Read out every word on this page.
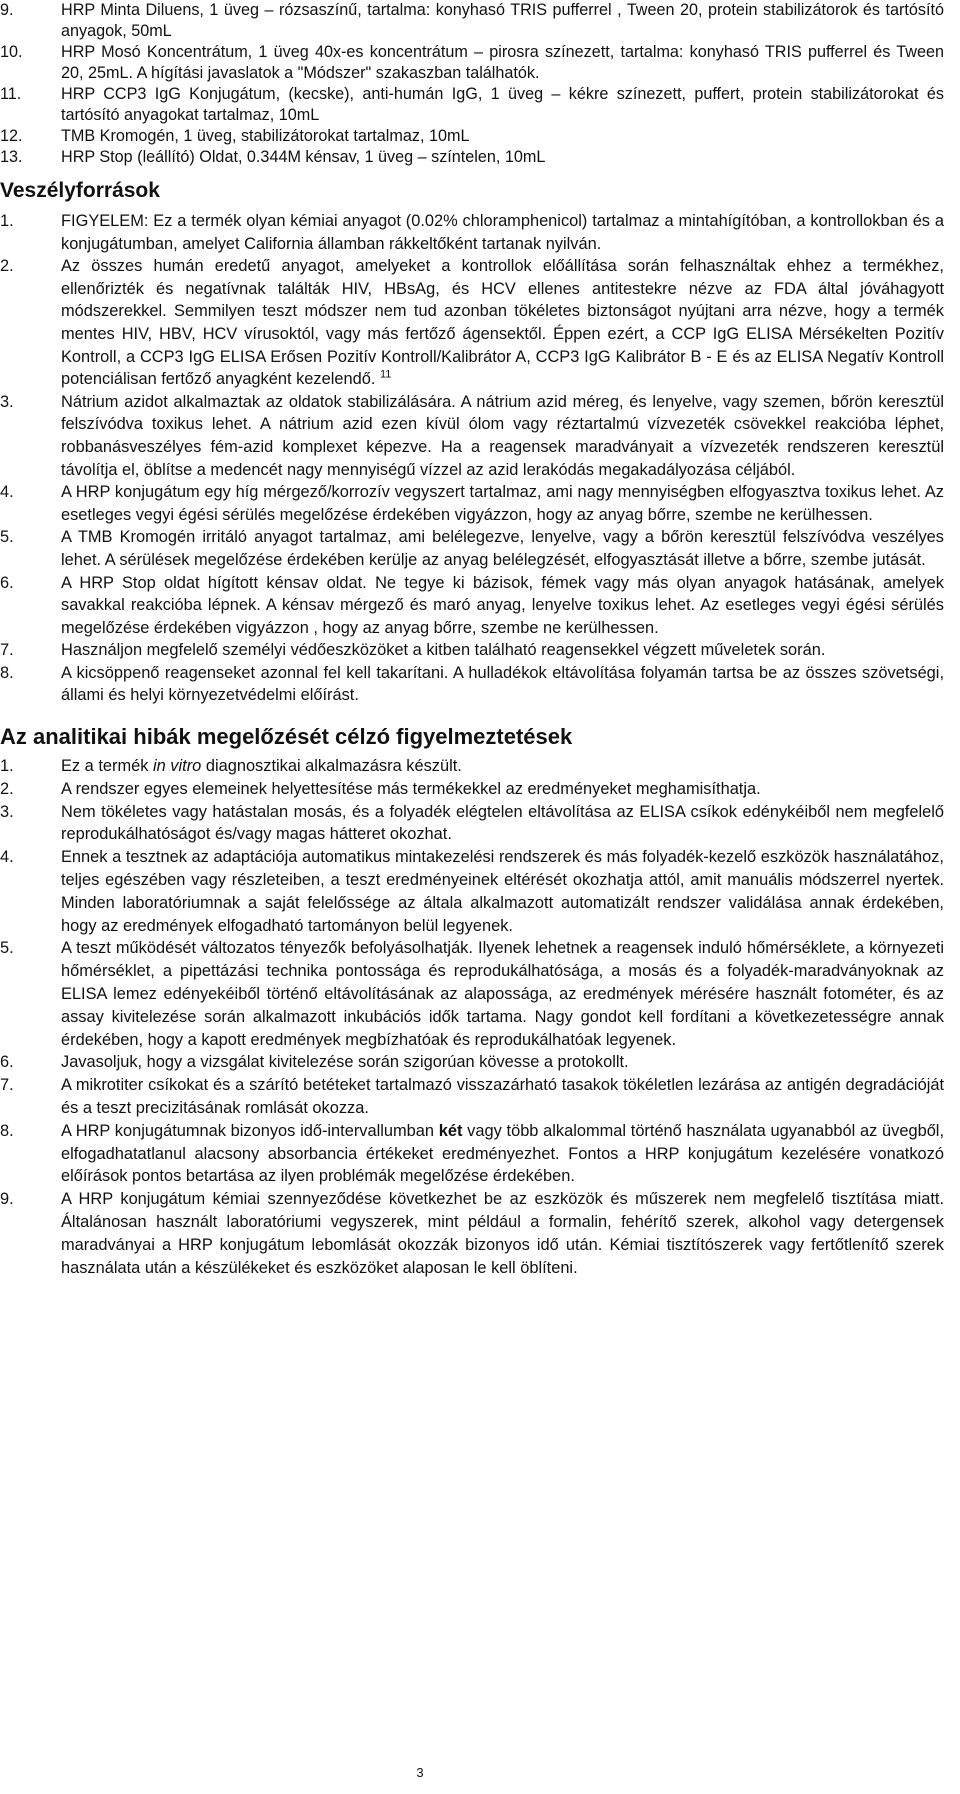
9.	HRP Minta Diluens, 1 üveg – rózsaszínű, tartalma: konyhasó TRIS pufferrel , Tween 20, protein stabilizátorok és tartósító anyagok, 50mL
10. HRP Mosó Koncentrátum, 1 üveg 40x-es koncentrátum – pirosra színezett, tartalma: konyhasó TRIS pufferrel és Tween 20, 25mL. A hígítási javaslatok a "Módszer" szakaszban találhatók.
11. HRP CCP3 IgG Konjugátum, (kecske), anti-humán IgG, 1 üveg – kékre színezett, puffert, protein stabilizátorokat és tartósító anyagokat tartalmaz, 10mL
12. TMB Kromogén, 1 üveg, stabilizátorokat tartalmaz, 10mL
13. HRP Stop (leállító) Oldat, 0.344M kénsav, 1 üveg – színtelen, 10mL
Veszélyforrások
1.	FIGYELEM: Ez a termék olyan kémiai anyagot (0.02% chloramphenicol) tartalmaz a mintahígítóban, a kontrollokban és a konjugátumban, amelyet California államban rákkeltőként tartanak nyilván.
2.	Az összes humán eredetű anyagot, amelyeket a kontrollok előállítása során felhasználtak ehhez a termékhez, ellenőrizték és negatívnak találták HIV, HBsAg, és HCV ellenes antitestekre nézve az FDA által jóváhagyott módszerekkel. Semmilyen teszt módszer nem tud azonban tökéletes biztonságot nyújtani arra nézve, hogy a termék mentes HIV, HBV, HCV vírusoktól, vagy más fertőző ágensektől. Éppen ezért, a CCP IgG ELISA Mérsékelten Pozitív Kontroll, a CCP3 IgG ELISA Erősen Pozitív Kontroll/Kalibrátor A, CCP3 IgG Kalibrátor B - E és az ELISA Negatív Kontroll potenciálisan fertőző anyagként kezelendő. $^{11}$
3.	Nátrium azidot alkalmaztak az oldatok stabilizálására. A nátrium azid méreg, és lenyelve, vagy szemen, bőrön keresztül felszívódva toxikus lehet. A nátrium azid ezen kívül ólom vagy réztartalmú vízvezeték csövekkel reakcióba léphet, robbanásveszélyes fém-azid komplexet képezve. Ha a reagensek maradványait a vízvezeték rendszeren keresztül távolítja el, öblítse a medencét nagy mennyiségű vízzel az azid lerakódás megakadályozása céljából.
4.	A HRP konjugátum egy híg mérgező/korrozív vegyszert tartalmaz, ami nagy mennyiségben elfogyasztva toxikus lehet. Az esetleges vegyi égési sérülés megelőzése érdekében vigyázzon, hogy az anyag bőrre, szembe ne kerülhessen.
5.	A TMB Kromogén irritáló anyagot tartalmaz, ami belélegezve, lenyelve, vagy a bőrön keresztül felszívódva veszélyes lehet. A sérülések megelőzése érdekében kerülje az anyag belélegzését, elfogyasztását illetve a bőrre, szembe jutását.
6.	A HRP Stop oldat hígított kénsav oldat. Ne tegye ki bázisok, fémek vagy más olyan anyagok hatásának, amelyek savakkal reakcióba lépnek. A kénsav mérgező és maró anyag, lenyelve toxikus lehet. Az esetleges vegyi égési sérülés megelőzése érdekében vigyázzon , hogy az anyag bőrre, szembe ne kerülhessen.
7.	Használjon megfelelő személyi védőeszközöket a kitben található reagensekkel végzett műveletek során.
8.	A kicsöppenő reagenseket azonnal fel kell takarítani. A hulladékok eltávolítása folyamán tartsa be az összes szövetségi, állami és helyi környezetvédelmi előírást.
Az analitikai hibák megelőzését célzó figyelmeztetések
1.	Ez a termék in vitro diagnosztikai alkalmazásra készült.
2.	A rendszer egyes elemeinek helyettesítése más termékekkel az eredményeket meghamisíthatja.
3.	Nem tökéletes vagy hatástalan mosás, és a folyadék elégtelen eltávolítása az ELISA csíkok edénykéiből nem megfelelő reprodukálhatóságot és/vagy magas hátteret okozhat.
4.	Ennek a tesztnek az adaptációja automatikus mintakezelési rendszerek és más folyadék-kezelő eszközök használatához, teljes egészében vagy részleteiben, a teszt eredményeinek eltérését okozhatja attól, amit manuális módszerrel nyertek. Minden laboratóriumnak a saját felelőssége az általa alkalmazott automatizált rendszer validálása annak érdekében, hogy az eredmények elfogadható tartományon belül legyenek.
5.	A teszt működését változatos tényezők befolyásolhatják. Ilyenek lehetnek a reagensek induló hőmérséklete, a környezeti hőmérséklet, a pipettázási technika pontossága és reprodukálhatósága, a mosás és a folyadék-maradványoknak az ELISA lemez edényekéiből történő eltávolításának az alapossága, az eredmények mérésére használt fotométer, és az assay kivitelezése során alkalmazott inkubációs idők tartama. Nagy gondot kell fordítani a következetességre annak érdekében, hogy a kapott eredmények megbízhatóak és reprodukálhatóak legyenek.
6.	Javasoljuk, hogy a vizsgálat kivitelezése során szigorúan kövesse a protokollt.
7.	A mikrotiter csíkokat és a szárító betéteket tartalmazó visszazárható tasakok tökéletlen lezárása az antigén degradációját és a teszt precizitásának romlását okozza.
8.	A HRP konjugátumnak bizonyos idő-intervallumban két vagy több alkalommal történő használata ugyanabból az üvegből, elfogadhatatlanul alacsony absorbancia értékeket eredményezhet. Fontos a HRP konjugátum kezelésére vonatkozó előírások pontos betartása az ilyen problémák megelőzése érdekében.
9.	A HRP konjugátum kémiai szennyeződése következhet be az eszközök és műszerek nem megfelelő tisztítása miatt. Általánosan használt laboratóriumi vegyszerek, mint például a formalin, fehérítő szerek, alkohol vagy detergensek maradványai a HRP konjugátum lebomlását okozzák bizonyos idő után. Kémiai tisztítószerek vagy fertőtlenítő szerek használata után a készülékeket és eszközöket alaposan le kell öblíteni.
3
